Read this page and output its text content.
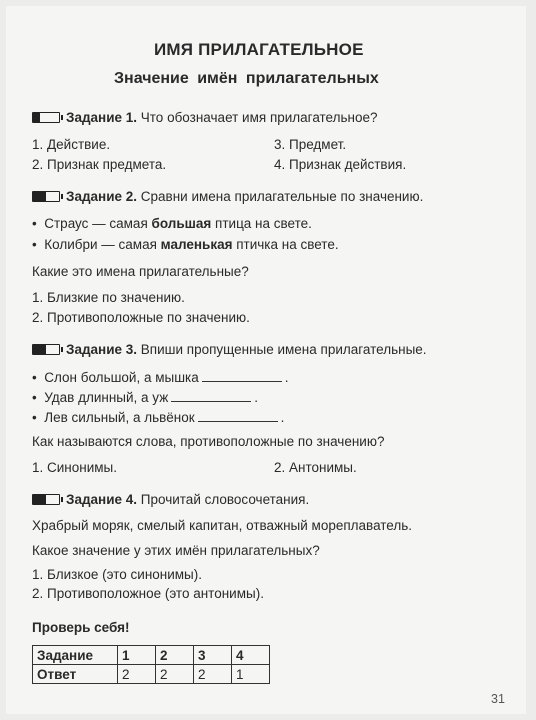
ИМЯ ПРИЛАГАТЕЛЬНОЕ
Значение имён прилагательных
Задание 1. Что обозначает имя прилагательное?
1. Действие.
2. Признак предмета.
3. Предмет.
4. Признак действия.
Задание 2. Сравни имена прилагательные по значению.
• Страус — самая большая птица на свете.
• Колибри — самая маленькая птичка на свете.
Какие это имена прилагательные?
1. Близкие по значению.
2. Противоположные по значению.
Задание 3. Впиши пропущенные имена прилагательные.
• Слон большой, а мышка	.
• Удав длинный, а уж	.
• Лев сильный, а львёнок	.
Как называются слова, противоположные по значению?
1. Синонимы.	2. Антонимы.
Задание 4. Прочитай словосочетания.
Храбрый моряк, смелый капитан, отважный мореплаватель.
Какое значение у этих имён прилагательных?
1. Близкое (это синонимы).
2. Противоположное (это антонимы).
Проверь себя!
Задание	1	2	3	4
Ответ	2	2	2	1
31
